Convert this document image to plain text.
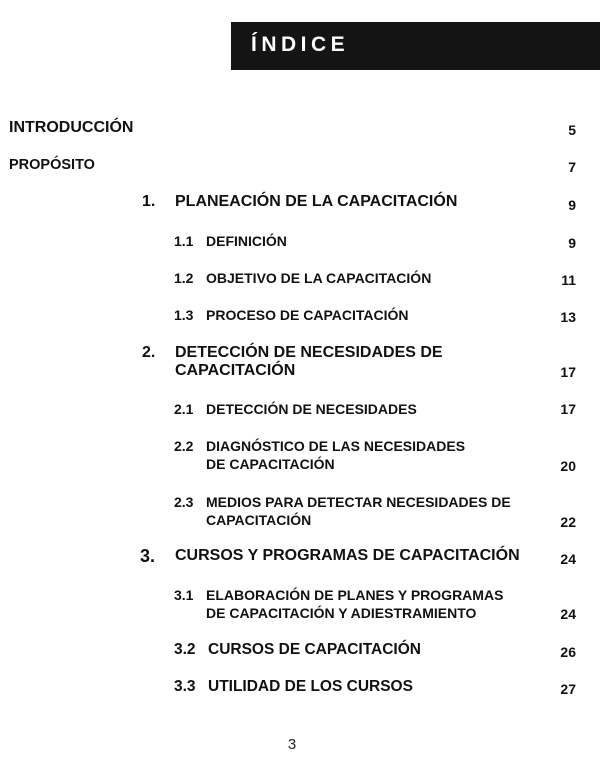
ÍNDICE
INTRODUCCIÓN	5
PROPÓSITO	7
1.	PLANEACIÓN DE LA CAPACITACIÓN	9
1.1 DEFINICIÓN	9
1.2 OBJETIVO DE LA CAPACITACIÓN	11
1.3 PROCESO DE CAPACITACIÓN	13
2. DETECCIÓN DE NECESIDADES DE
CAPACITACIÓN	17
2.1 DETECCIÓN DE NECESIDADES	17
2.2 DIAGNÓSTICO DE LAS NECESIDADES
DE CAPACITACIÓN	20
2.3 MEDIOS PARA DETECTAR NECESIDADES DE
CAPACITACIÓN	22
3.	CURSOS Y PROGRAMAS DE CAPACITACIÓN	24
3.1 ELABORACIÓN DE PLANES Y PROGRAMAS
DE CAPACITACIÓN Y ADIESTRAMIENTO	24
3.2 CURSOS DE CAPACITACIÓN	26
3.3 UTILIDAD DE LOS CURSOS	27
3
